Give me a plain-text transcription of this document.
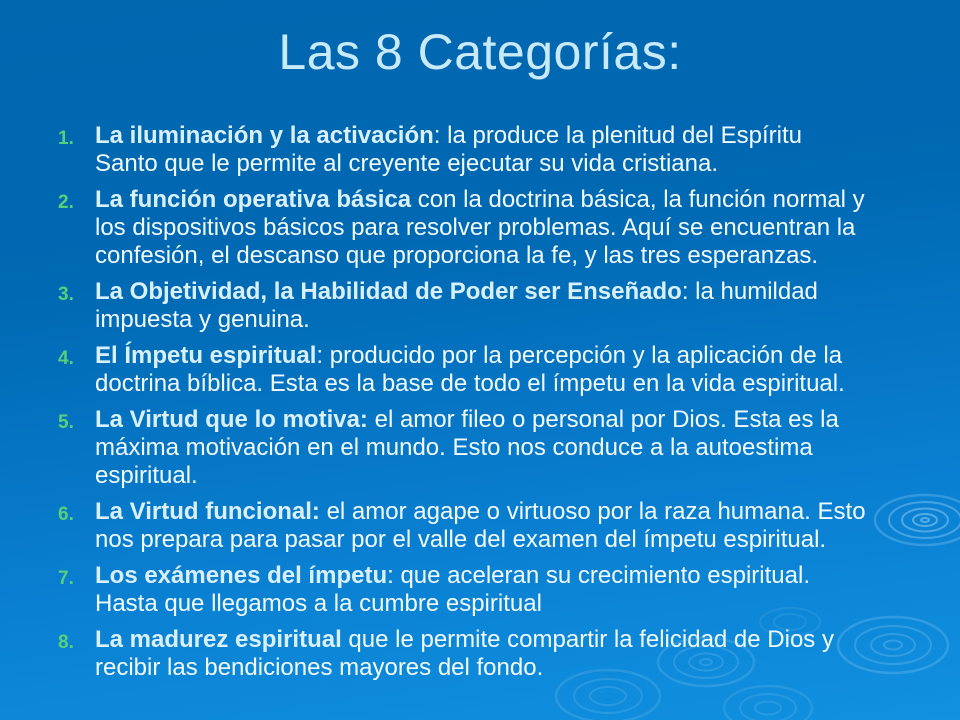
Las 8 Categorías:
1. La iluminación y la activación: la produce la plenitud del Espíritu Santo que le permite al creyente ejecutar su vida cristiana.
2. La función operativa básica con la doctrina básica, la función normal y los dispositivos básicos para resolver problemas. Aquí se encuentran la confesión, el descanso que proporciona la fe, y las tres esperanzas.
3. La Objetividad, la Habilidad de Poder ser Enseñado: la humildad impuesta y genuina.
4. El Ímpetu espiritual: producido por la percepción y la aplicación de la doctrina bíblica. Esta es la base de todo el ímpetu en la vida espiritual.
5. La Virtud que lo motiva: el amor fileo o personal por Dios. Esta es la máxima motivación en el mundo. Esto nos conduce a la autoestima espiritual.
6. La Virtud funcional: el amor agape o virtuoso por la raza humana. Esto nos prepara para pasar por el valle del examen del ímpetu espiritual.
7. Los exámenes del ímpetu: que aceleran su crecimiento espiritual. Hasta que llegamos a la cumbre espiritual
8. La madurez espiritual que le permite compartir la felicidad de Dios y recibir las bendiciones mayores del fondo.
